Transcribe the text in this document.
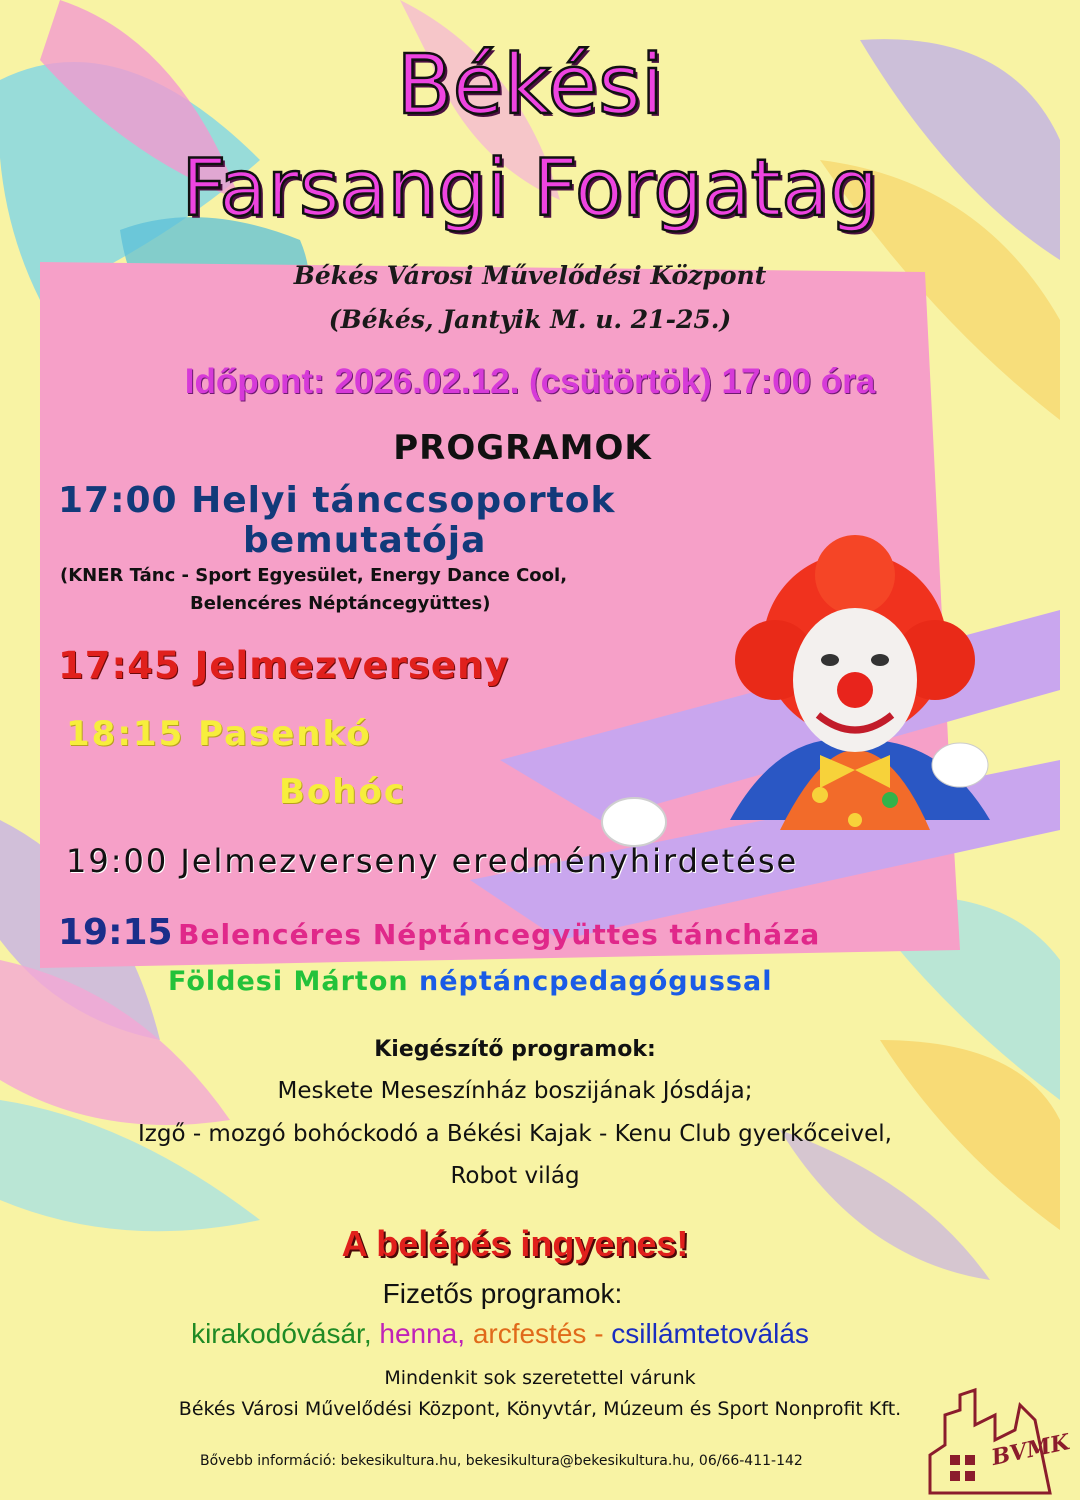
Békési
Farsangi Forgatag
Békés Városi Művelődési Központ
(Békés, Jantyik M. u. 21-25.)
Időpont: 2026.02.12. (csütörtök) 17:00 óra
PROGRAMOK
17:00 Helyi tánccsoportok
bemutatója
(KNER Tánc - Sport Egyesület, Energy Dance Cool,
Belencéres Néptáncegyüttes)
17:45 Jelmezverseny
18:15 Pasenkó
Bohóc
19:00 Jelmezverseny eredményhirdetése
19:15 Belencéres Néptáncegyüttes táncháza
Földesi Márton néptáncpedagógussal
Kiegészítő programok:
Meskete Meseszínház boszijának Jósdája;
Izgő - mozgó bohóckodó a Békési Kajak - Kenu Club gyerkőceivel,
Robot világ
A belépés ingyenes!
Fizetős programok:
kirakodóvásár, henna, arcfestés - csillámtetoválás
Mindenkit sok szeretettel várunk
Békés Városi Művelődési Központ, Könyvtár, Múzeum és Sport Nonprofit Kft.
Bővebb információ: bekesikultura.hu, bekesikultura@bekesikultura.hu, 06/66-411-142	BVMK
